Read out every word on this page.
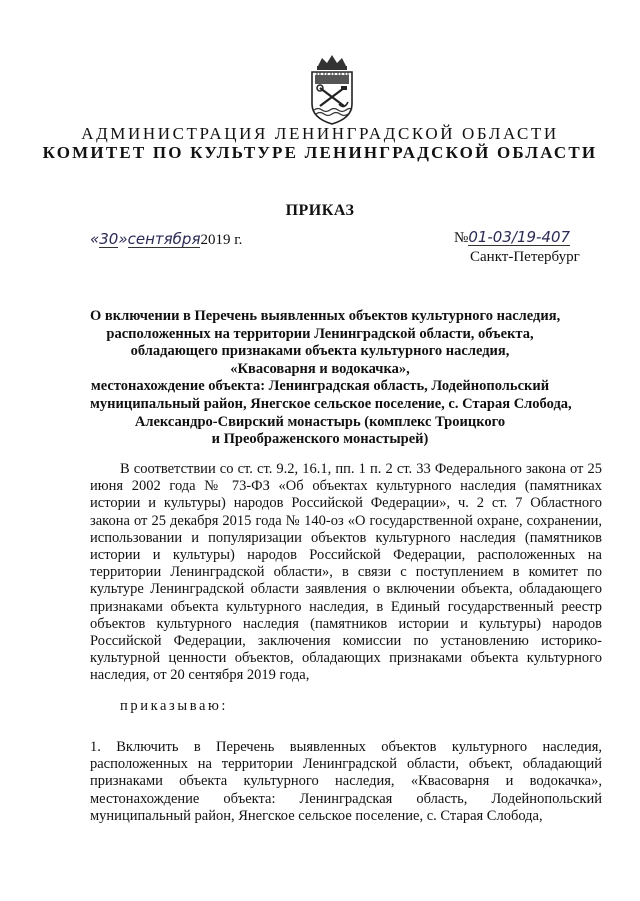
АДМИНИСТРАЦИЯ ЛЕНИНГРАДСКОЙ ОБЛАСТИ
КОМИТЕТ ПО КУЛЬТУРЕ ЛЕНИНГРАДСКОЙ ОБЛАСТИ
ПРИКАЗ
«30»сентября2019 г.	№01-03/19-407
Санкт-Петербург
О включении в Перечень выявленных объектов культурного наследия,
расположенных на территории Ленинградской области, объекта,
обладающего признаками объекта культурного наследия,
«Квасоварня и водокачка»,
местонахождение объекта: Ленинградская область, Лодейнопольский
муниципальный район, Янегское сельское поселение, с. Старая Слобода,
Александро-Свирский монастырь (комплекс Троицкого
и Преображенского монастырей)
В соответствии со ст. ст. 9.2, 16.1, пп. 1 п. 2 ст. 33 Федерального закона от 25 июня 2002 года № 73-ФЗ «Об объектах культурного наследия (памятниках истории и культуры) народов Российской Федерации», ч. 2 ст. 7 Областного закона от 25 декабря 2015 года № 140-оз «О государственной охране, сохранении, использовании и популяризации объектов культурного наследия (памятников истории и культуры) народов Российской Федерации, расположенных на территории Ленинградской области», в связи с поступлением в комитет по культуре Ленинградской области заявления о включении объекта, обладающего признаками объекта культурного наследия, в Единый государственный реестр объектов культурного наследия (памятников истории и культуры) народов Российской Федерации, заключения комиссии по установлению историко-культурной ценности объектов, обладающих признаками объекта культурного наследия, от 20 сентября 2019 года,
приказываю:
1. Включить в Перечень выявленных объектов культурного наследия, расположенных на территории Ленинградской области, объект, обладающий признаками объекта культурного наследия, «Квасоварня и водокачка», местонахождение объекта: Ленинградская область, Лодейнопольский муниципальный район, Янегское сельское поселение, с. Старая Слобода,
